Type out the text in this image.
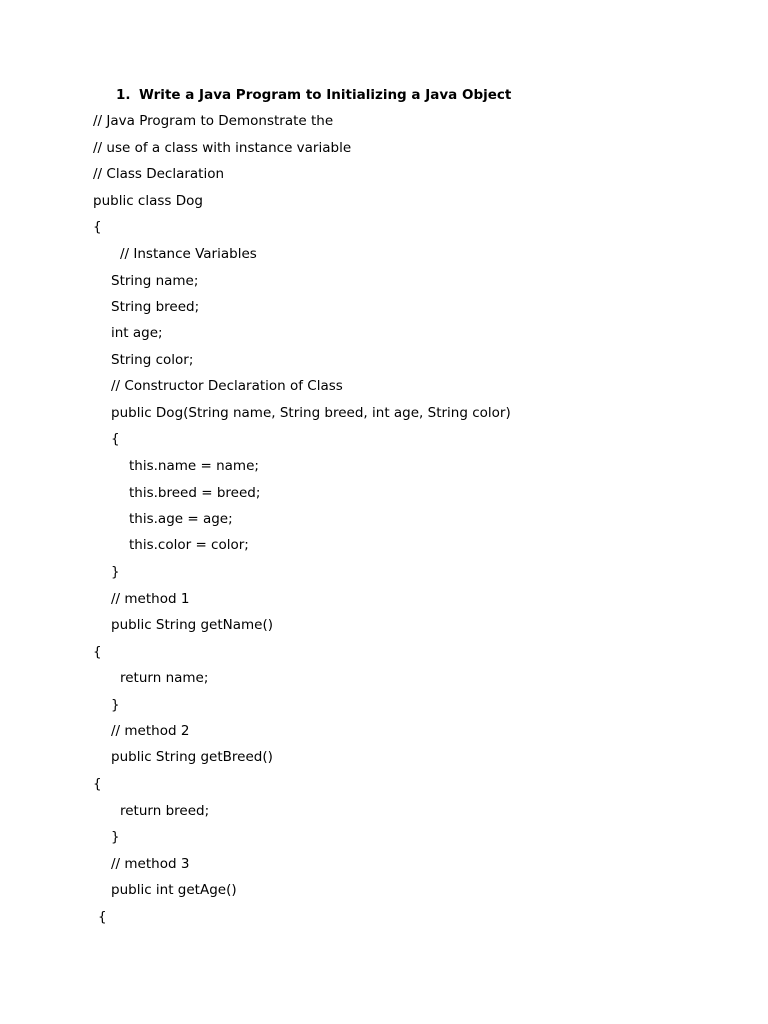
1. Write a Java Program to Initializing a Java Object
// Java Program to Demonstrate the
// use of a class with instance variable
// Class Declaration
public class Dog
{
// Instance Variables
String name;
String breed;
int age;
String color;
// Constructor Declaration of Class
public Dog(String name, String breed, int age, String color)
{
this.name = name;
this.breed = breed;
this.age = age;
this.color = color;
}
// method 1
public String getName()
{
return name;
}
// method 2
public String getBreed()
{
return breed;
}
// method 3
public int getAge()
{
